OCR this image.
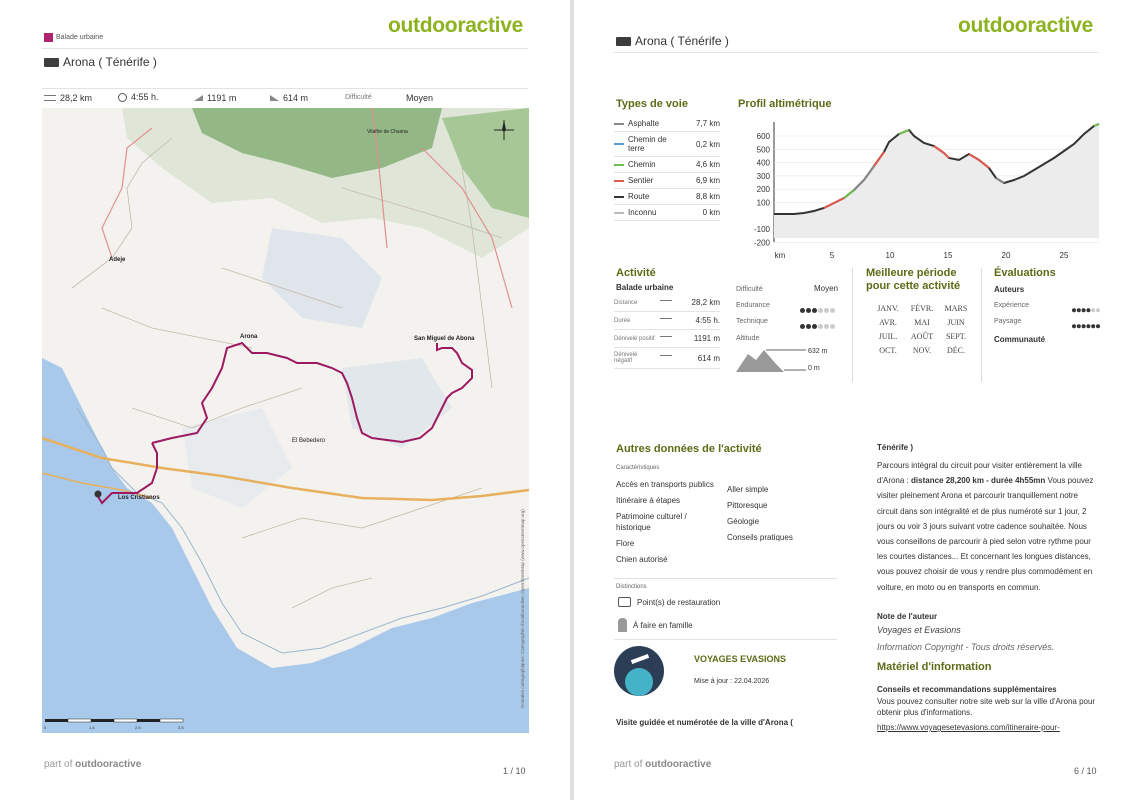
outdooractive
Balade urbaine
Arona ( Ténérife )
28,2 km	4:55 h.	1191 m	614 m	Difficulté	Moyen
Adeje
Arona	San Miguel de Abona
Los Cristianos
El Bebedero
Vilaflor de Chasna
Données cartographiques: Cartographie d'outdooractive, OpenStreetMap (www.openstreetmap.org)
0	1.4	2.8	3.5
part of outdooractive
1 / 10
outdooractive
Arona ( Ténérife )
Types de voie
Asphalte	7,7 km
Chemin de terre	0,2 km
Chemin	4,6 km
Sentier	6,9 km
Route	8,8 km
Inconnu	0 km
Profil altimétrique
600
500
400
300
200
100
-100
-200
km	5	10	15	20	25
Activité
Balade urbaine
Distance	28,2 km
Durée	4:55 h.
Dénivelé positif	1191 m
Dénivelé négatif	614 m
Difficulté	Moyen
Endurance
Technique
Altitude
632 m
0 m
Meilleure période pour cette activité
JANV.	FÉVR.	MARS
AVR.	MAI	JUIN
JUIL.	AOÛT	SEPT.
OCT.	NOV.	DÉC.
Évaluations
Auteurs
Expérience
Paysage
Communauté
Autres données de l'activité
Caractéristiques
Accès en transports publics
Itinéraire à étapes
Patrimoine culturel / historique
Flore
Chien autorisé
Aller simple
Pittoresque
Géologie
Conseils pratiques
Distinctions
Point(s) de restauration
À faire en famille
VOYAGES EVASIONS
Mise à jour : 22.04.2026
Visite guidée et numérotée de la ville d'Arona (
Ténérife )
Parcours intégral du circuit pour visiter entièrement la ville d'Arona : distance 28,200 km - durée 4h55mn Vous pouvez visiter pleinement Arona et parcourir tranquillement notre circuit dans son intégralité et de plus numéroté sur 1 jour, 2 jours ou voir 3 jours suivant votre cadence souhaitée. Nous vous conseillons de parcourir à pied selon votre rythme pour les courtes distances... Et concernant les longues distances, vous pouvez choisir de vous y rendre plus commodément en voiture, en moto ou en transports en commun.
Note de l'auteur
Voyages et Evasions
Information Copyright - Tous droits réservés.
Matériel d'information
Conseils et recommandations supplémentaires
Vous pouvez consulter notre site web sur la ville d'Arona pour obtenir plus d'informations.
https://www.voyagesetevasions.com/itineraire-pour-
part of outdooractive
6 / 10
